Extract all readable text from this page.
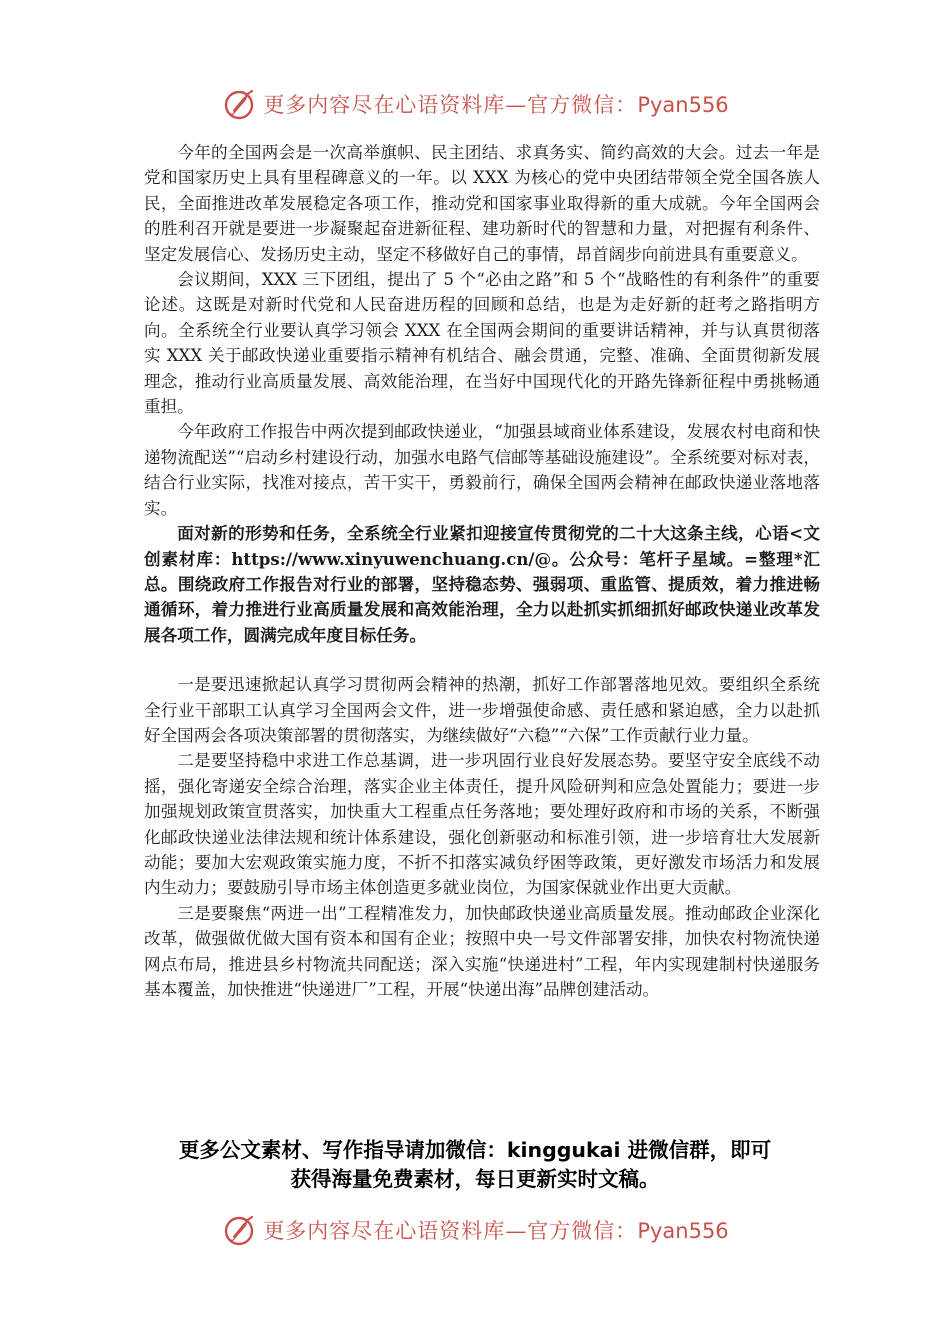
更多内容尽在心语资料库—官方微信：Pyan556

今年的全国两会是一次高举旗帜、民主团结、求真务实、简约高效的大会。过去一年是党和国家历史上具有里程碑意义的一年。以 XXX 为核心的党中央团结带领全党全国各族人民，全面推进改革发展稳定各项工作，推动党和国家事业取得新的重大成就。今年全国两会的胜利召开就是要进一步凝聚起奋进新征程、建功新时代的智慧和力量，对把握有利条件、坚定发展信心、发扬历史主动，坚定不移做好自己的事情，昂首阔步向前进具有重要意义。

会议期间，XXX 三下团组，提出了 5 个“必由之路”和 5 个“战略性的有利条件”的重要论述。这既是对新时代党和人民奋进历程的回顾和总结，也是为走好新的赶考之路指明方向。全系统全行业要认真学习领会 XXX 在全国两会期间的重要讲话精神，并与认真贯彻落实 XXX 关于邮政快递业重要指示精神有机结合、融会贯通，完整、准确、全面贯彻新发展理念，推动行业高质量发展、高效能治理，在当好中国现代化的开路先锋新征程中勇挑畅通重担。

今年政府工作报告中两次提到邮政快递业，“加强县域商业体系建设，发展农村电商和快递物流配送”“启动乡村建设行动，加强水电路气信邮等基础设施建设”。全系统要对标对表，结合行业实际，找准对接点，苦干实干，勇毅前行，确保全国两会精神在邮政快递业落地落实。

面对新的形势和任务，全系统全行业紧扣迎接宣传贯彻党的二十大这条主线，心语<文创素材库：https://www.xinyuwenchuang.cn/@。公众号：笔杆子星域。=整理*汇总。围绕政府工作报告对行业的部署，坚持稳态势、强弱项、重监管、提质效，着力推进畅通循环，着力推进行业高质量发展和高效能治理，全力以赴抓实抓细抓好邮政快递业改革发展各项工作，圆满完成年度目标任务。

一是要迅速掀起认真学习贯彻两会精神的热潮，抓好工作部署落地见效。要组织全系统全行业干部职工认真学习全国两会文件，进一步增强使命感、责任感和紧迫感，全力以赴抓好全国两会各项决策部署的贯彻落实，为继续做好“六稳”“六保”工作贡献行业力量。

二是要坚持稳中求进工作总基调，进一步巩固行业良好发展态势。要坚守安全底线不动摇，强化寄递安全综合治理，落实企业主体责任，提升风险研判和应急处置能力；要进一步加强规划政策宣贯落实，加快重大工程重点任务落地；要处理好政府和市场的关系，不断强化邮政快递业法律法规和统计体系建设，强化创新驱动和标准引领，进一步培育壮大发展新动能；要加大宏观政策实施力度，不折不扣落实减负纾困等政策，更好激发市场活力和发展内生动力；要鼓励引导市场主体创造更多就业岗位，为国家保就业作出更大贡献。

三是要聚焦“两进一出”工程精准发力，加快邮政快递业高质量发展。推动邮政企业深化改革，做强做优做大国有资本和国有企业；按照中央一号文件部署安排，加快农村物流快递网点布局，推进县乡村物流共同配送；深入实施“快递进村”工程，年内实现建制村快递服务基本覆盖，加快推进“快递进厂”工程，开展“快递出海”品牌创建活动。

更多公文素材、写作指导请加微信：kinggukai 进微信群，即可
获得海量免费素材，每日更新实时文稿。
更多内容尽在心语资料库—官方微信：Pyan556
